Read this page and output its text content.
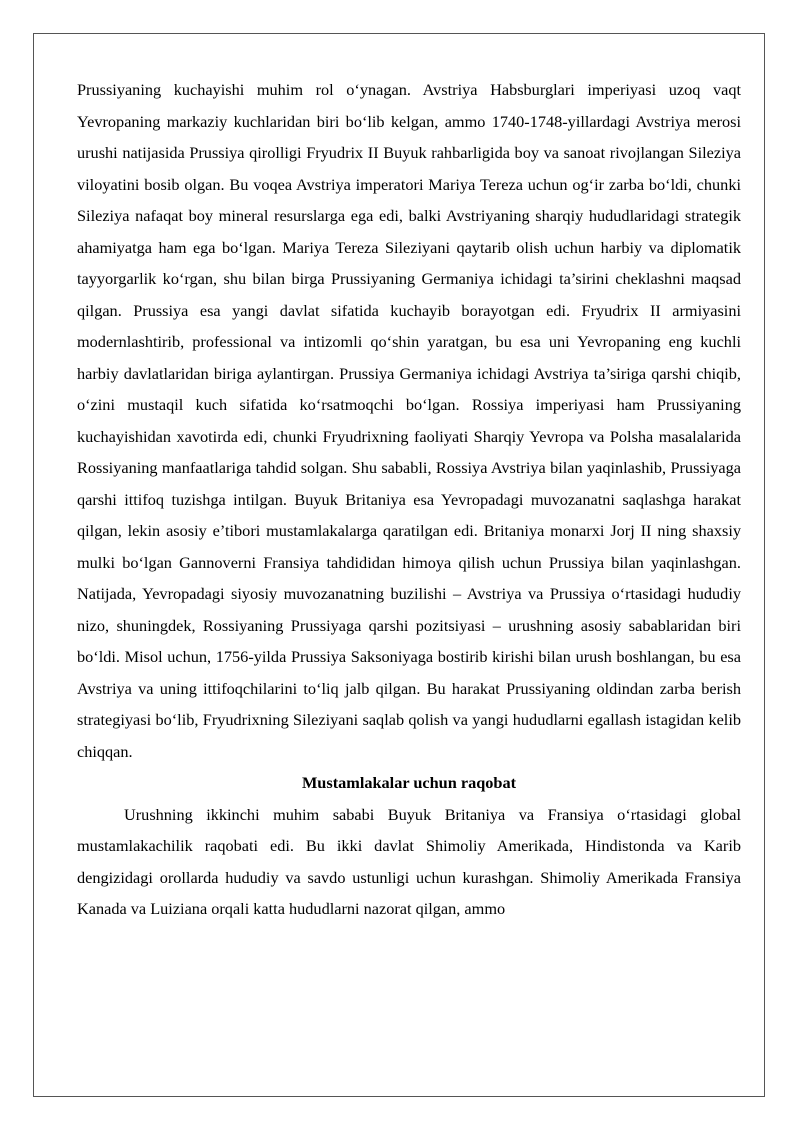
Prussiyaning kuchayishi muhim rol o‘ynagan. Avstriya Habsburglari imperiyasi uzoq vaqt Yevropaning markaziy kuchlaridan biri bo‘lib kelgan, ammo 1740-1748-yillardagi Avstriya merosi urushi natijasida Prussiya qirolligi Fryudrix II Buyuk rahbarligida boy va sanoat rivojlangan Sileziya viloyatini bosib olgan. Bu voqea Avstriya imperatori Mariya Tereza uchun og‘ir zarba bo‘ldi, chunki Sileziya nafaqat boy mineral resurslarga ega edi, balki Avstriyaning sharqiy hududlaridagi strategik ahamiyatga ham ega bo‘lgan. Mariya Tereza Sileziyani qaytarib olish uchun harbiy va diplomatik tayyorgarlik ko‘rgan, shu bilan birga Prussiyaning Germaniya ichidagi ta’sirini cheklashni maqsad qilgan. Prussiya esa yangi davlat sifatida kuchayib borayotgan edi. Fryudrix II armiyasini modernlashtirib, professional va intizomli qo‘shin yaratgan, bu esa uni Yevropaning eng kuchli harbiy davlatlaridan biriga aylantirgan. Prussiya Germaniya ichidagi Avstriya ta’siriga qarshi chiqib, o‘zini mustaqil kuch sifatida ko‘rsatmoqchi bo‘lgan. Rossiya imperiyasi ham Prussiyaning kuchayishidan xavotirda edi, chunki Fryudrixning faoliyati Sharqiy Yevropa va Polsha masalalarida Rossiyaning manfaatlariga tahdid solgan. Shu sababli, Rossiya Avstriya bilan yaqinlashib, Prussiyaga qarshi ittifoq tuzishga intilgan. Buyuk Britaniya esa Yevropadagi muvozanatni saqlashga harakat qilgan, lekin asosiy e’tibori mustamlakalarga qaratilgan edi. Britaniya monarxi Jorj II ning shaxsiy mulki bo‘lgan Gannoverni Fransiya tahdididan himoya qilish uchun Prussiya bilan yaqinlashgan. Natijada, Yevropadagi siyosiy muvozanatning buzilishi – Avstriya va Prussiya o‘rtasidagi hududiy nizo, shuningdek, Rossiyaning Prussiyaga qarshi pozitsiyasi – urushning asosiy sabablaridan biri bo‘ldi. Misol uchun, 1756-yilda Prussiya Saksoniyaga bostirib kirishi bilan urush boshlangan, bu esa Avstriya va uning ittifoqchilarini to‘liq jalb qilgan. Bu harakat Prussiyaning oldindan zarba berish strategiyasi bo‘lib, Fryudrixning Sileziyani saqlab qolish va yangi hududlarni egallash istagidan kelib chiqqan.

Mustamlakalar uchun raqobat

Urushning ikkinchi muhim sababi Buyuk Britaniya va Fransiya o‘rtasidagi global mustamlakachilik raqobati edi. Bu ikki davlat Shimoliy Amerikada, Hindistonda va Karib dengizidagi orollarda hududiy va savdo ustunligi uchun kurashgan. Shimoliy Amerikada Fransiya Kanada va Luiziana orqali katta hududlarni nazorat qilgan, ammo
